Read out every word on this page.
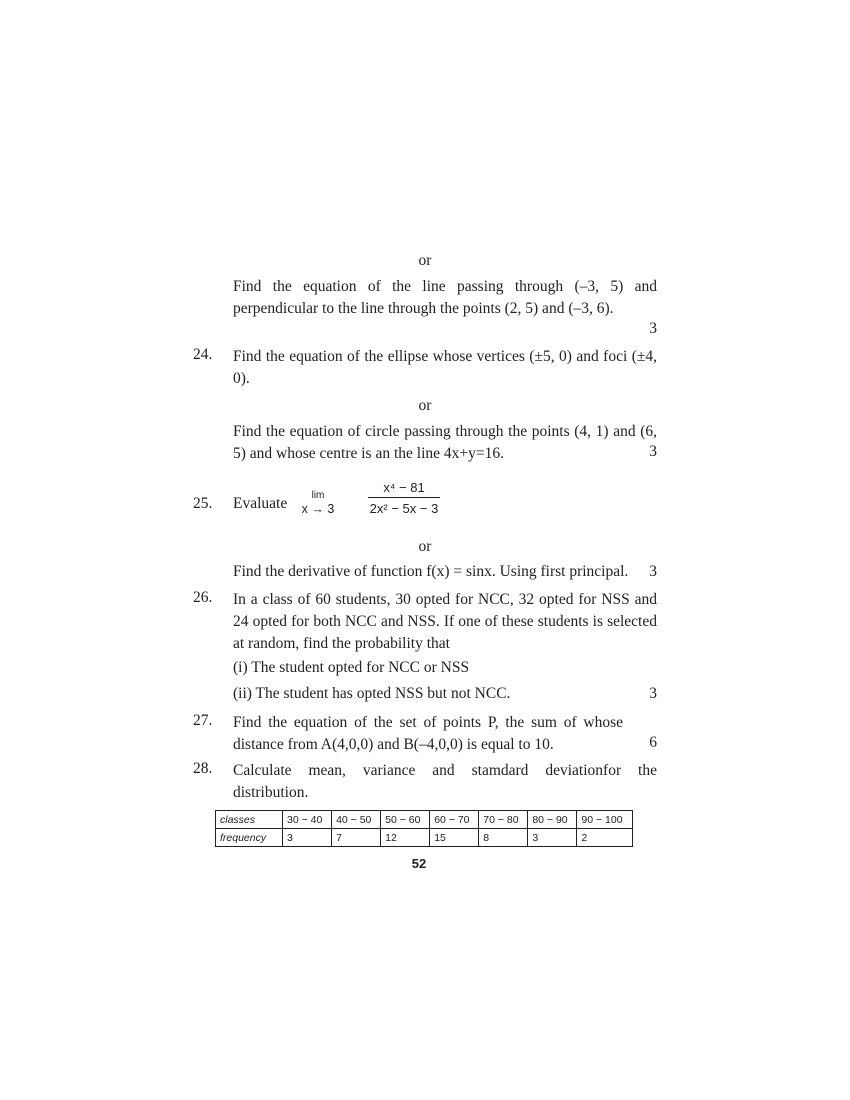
or
Find the equation of the line passing through (–3, 5) and perpendicular to the line through the points (2, 5) and (–3, 6).
3
24. Find the equation of the ellipse whose vertices (±5, 0) and foci (±4, 0).
or
Find the equation of circle passing through the points (4, 1) and (6, 5) and whose centre is an the line 4x+y=16.	3
25. Evaluate	lim
x → 3
x⁴ − 81
2x² − 5x − 3
or
Find the derivative of function f(x) = sinx. Using first principal. 3
26. In a class of 60 students, 30 opted for NCC, 32 opted for NSS and 24 opted for both NCC and NSS. If one of these students is selected at random, find the probability that
(i) The student opted for NCC or NSS
(ii) The student has opted NSS but not NCC.	3
27. Find the equation of the set of points P, the sum of whose distance from A(4,0,0) and B(–4,0,0) is equal to 10.	6
28. Calculate mean, variance and stamdard deviationfor the distribution.
classes	30 − 40	40 − 50	50 − 60	60 − 70	70 − 80	80 − 90	90 − 100
frequency	3	7	12	15	8	3	2
52
